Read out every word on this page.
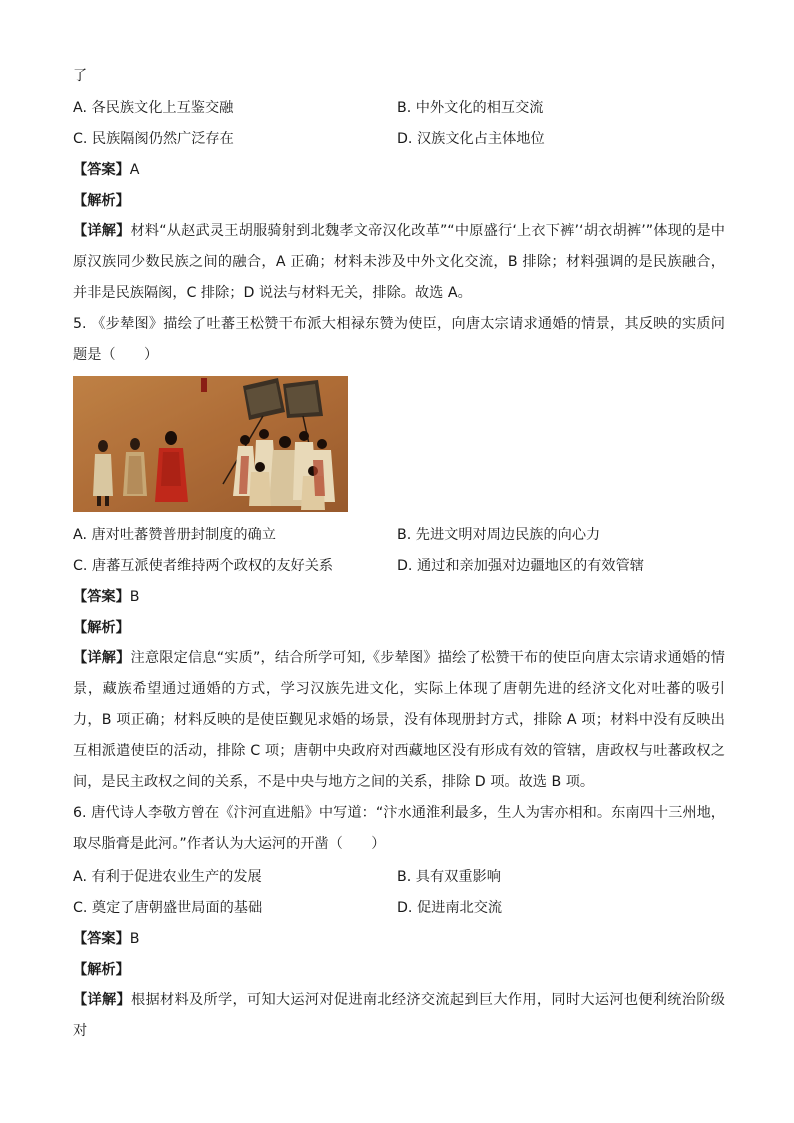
了
A. 各民族文化上互鉴交融	B. 中外文化的相互交流
C. 民族隔阂仍然广泛存在	D. 汉族文化占主体地位
【答案】A
【解析】
【详解】材料“从赵武灵王胡服骑射到北魏孝文帝汉化改革”“中原盛行‘上衣下裤’‘胡衣胡裤’”体现的是中原汉族同少数民族之间的融合，A 正确；材料未涉及中外文化交流，B 排除；材料强调的是民族融合，并非是民族隔阂，C 排除；D 说法与材料无关，排除。故选 A。
5. 《步辇图》描绘了吐蕃王松赞干布派大相禄东赞为使臣，向唐太宗请求通婚的情景，其反映的实质问题是（　　）
A. 唐对吐蕃赞普册封制度的确立	B. 先进文明对周边民族的向心力
C. 唐蕃互派使者维持两个政权的友好关系	D. 通过和亲加强对边疆地区的有效管辖
【答案】B
【解析】
【详解】注意限定信息“实质”，结合所学可知,《步辇图》描绘了松赞干布的使臣向唐太宗请求通婚的情景，藏族希望通过通婚的方式，学习汉族先进文化，实际上体现了唐朝先进的经济文化对吐蕃的吸引力，B 项正确；材料反映的是使臣觐见求婚的场景，没有体现册封方式，排除 A 项；材料中没有反映出互相派遣使臣的活动，排除 C 项；唐朝中央政府对西藏地区没有形成有效的管辖，唐政权与吐蕃政权之间，是民主政权之间的关系，不是中央与地方之间的关系，排除 D 项。故选 B 项。
6. 唐代诗人李敬方曾在《汴河直进船》中写道：“汴水通淮利最多，生人为害亦相和。东南四十三州地，取尽脂膏是此河。”作者认为大运河的开凿（　　）
A. 有利于促进农业生产的发展	B. 具有双重影响
C. 奠定了唐朝盛世局面的基础	D. 促进南北交流
【答案】B
【解析】
【详解】根据材料及所学，可知大运河对促进南北经济交流起到巨大作用，同时大运河也便利统治阶级对
